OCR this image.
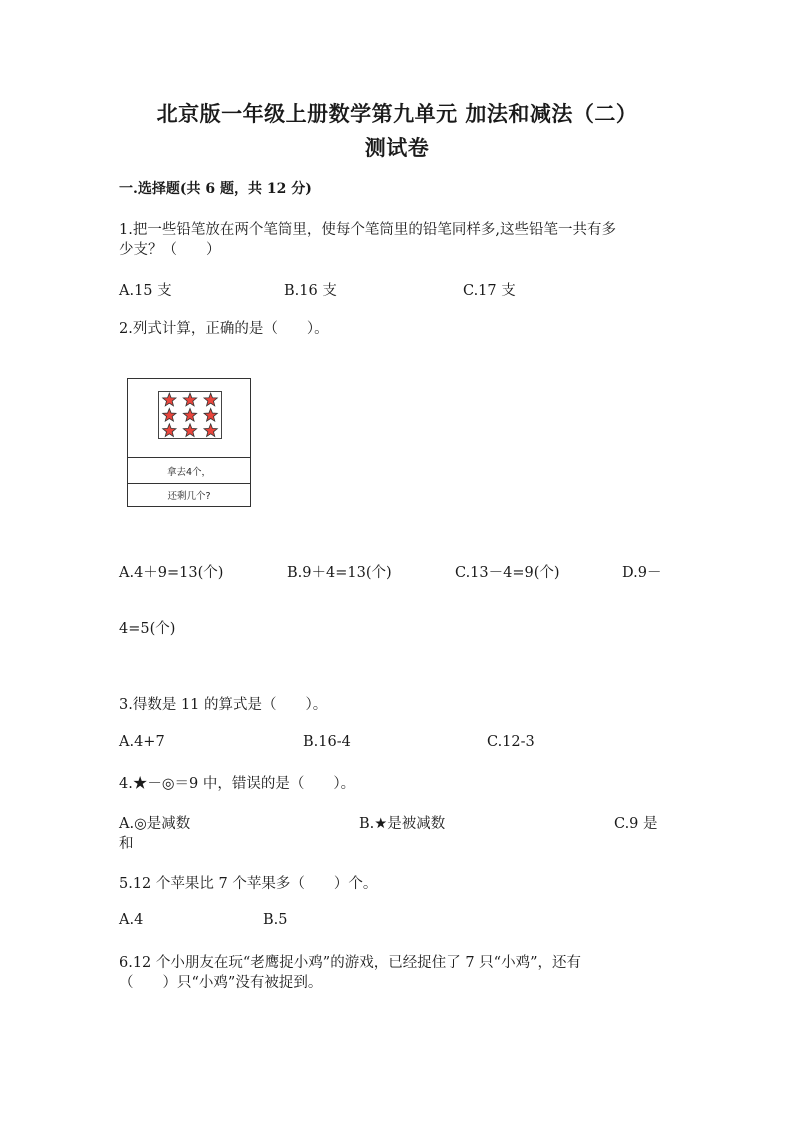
北京版一年级上册数学第九单元 加法和减法（二）
测试卷
一.选择题(共 6 题，共 12 分)
1.把一些铅笔放在两个笔筒里，使每个笔筒里的铅笔同样多,这些铅笔一共有多
少支？（　　）
A.15 支	B.16 支	C.17 支
2.列式计算，正确的是（　　）。
拿去4个，
还剩几个?
A.4＋9=13(个)	B.9＋4=13(个)	C.13－4=9(个)	D.9－
4=5(个)
3.得数是 11 的算式是（　　）。
A.4+7	B.16-4	C.12-3
4.★－◎＝9 中，错误的是（　　）。
A.◎是减数	B.★是被减数	C.9 是
和
5.12 个苹果比 7 个苹果多（　　）个。
A.4	B.5
6.12 个小朋友在玩“老鹰捉小鸡”的游戏，已经捉住了 7 只“小鸡”，还有
（　　）只“小鸡”没有被捉到。
